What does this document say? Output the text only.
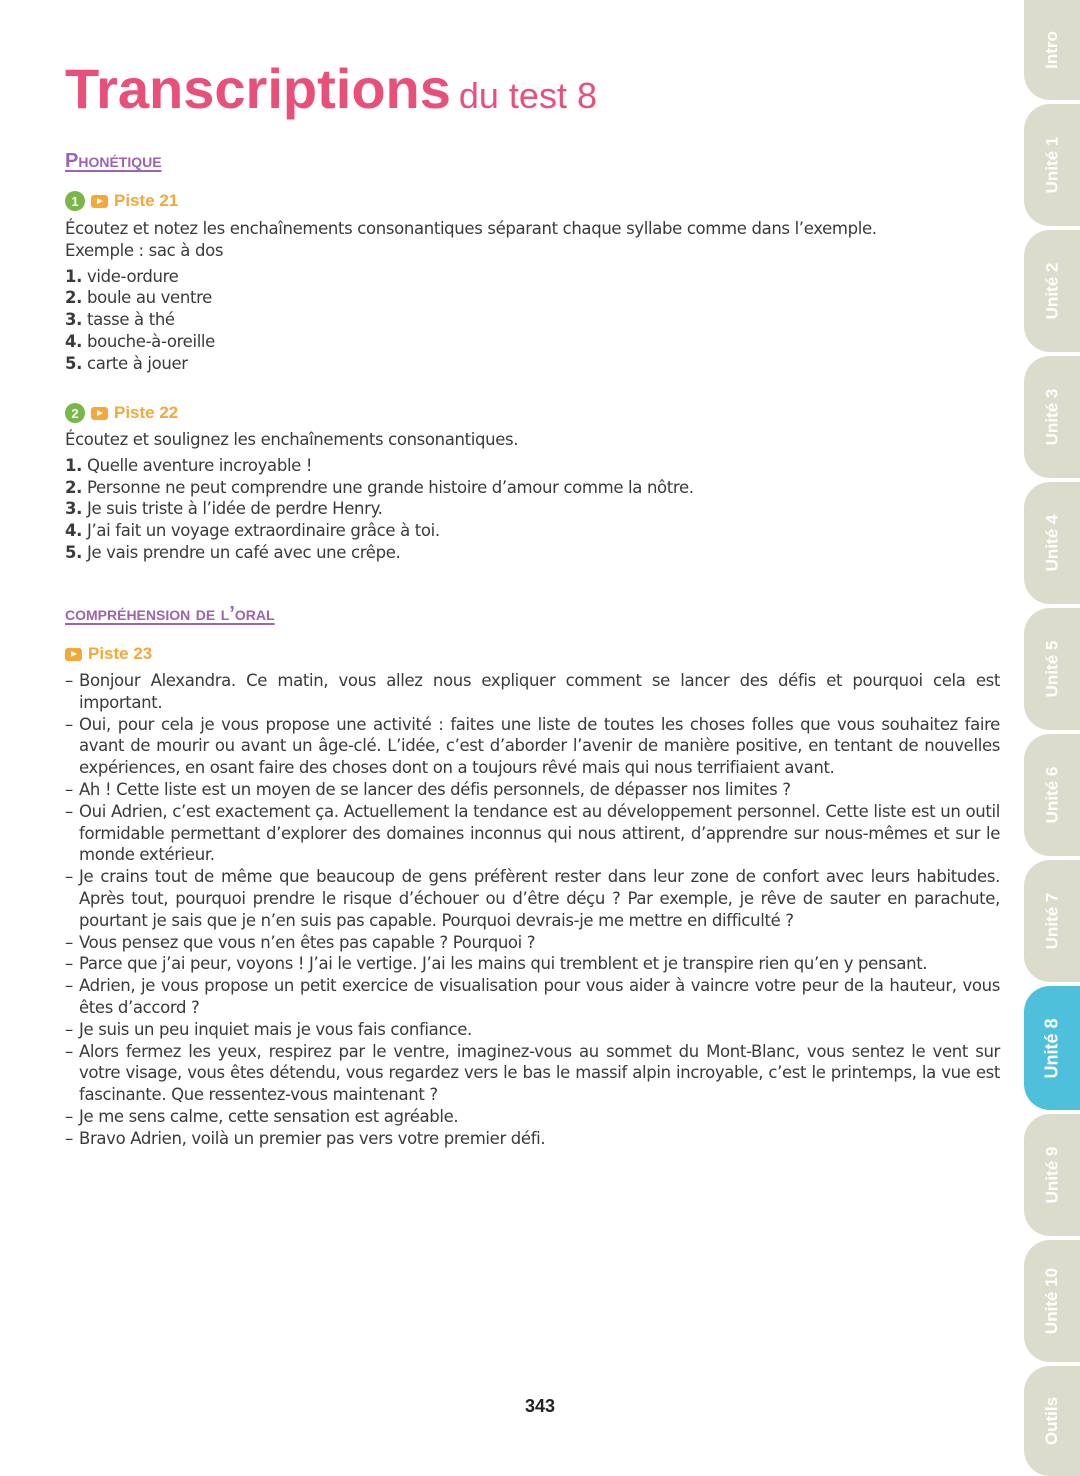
Transcriptions du test 8
Phonétique
1	Piste 21

Écoutez et notez les enchaînements consonantiques séparant chaque syllabe comme dans l’exemple.

Exemple : sac à dos

1. vide-ordure
2. boule au ventre
3. tasse à thé
4. bouche-à-oreille
5. carte à jouer
2	Piste 22

Écoutez et soulignez les enchaînements consonantiques.

1. Quelle aventure incroyable !
2. Personne ne peut comprendre une grande histoire d’amour comme la nôtre.
3. Je suis triste à l’idée de perdre Henry.
4. J’ai fait un voyage extraordinaire grâce à toi.
5. Je vais prendre un café avec une crêpe.
compréhension de l’oral
Piste 23
– Bonjour Alexandra. Ce matin, vous allez nous expliquer comment se lancer des défis et pourquoi cela est important.
– Oui, pour cela je vous propose une activité : faites une liste de toutes les choses folles que vous souhaitez faire avant de mourir ou avant un âge-clé. L’idée, c’est d’aborder l’avenir de manière positive, en tentant de nouvelles expériences, en osant faire des choses dont on a toujours rêvé mais qui nous terrifiaient avant.
– Ah ! Cette liste est un moyen de se lancer des défis personnels, de dépasser nos limites ?
– Oui Adrien, c’est exactement ça. Actuellement la tendance est au développement personnel. Cette liste est un outil formidable permettant d’explorer des domaines inconnus qui nous attirent, d’apprendre sur nous-mêmes et sur le monde extérieur.
– Je crains tout de même que beaucoup de gens préfèrent rester dans leur zone de confort avec leurs habitudes. Après tout, pourquoi prendre le risque d’échouer ou d’être déçu ? Par exemple, je rêve de sauter en parachute, pourtant je sais que je n’en suis pas capable. Pourquoi devrais-je me mettre en difficulté ?
– Vous pensez que vous n’en êtes pas capable ? Pourquoi ?
– Parce que j’ai peur, voyons ! J’ai le vertige. J’ai les mains qui tremblent et je transpire rien qu’en y pensant.
– Adrien, je vous propose un petit exercice de visualisation pour vous aider à vaincre votre peur de la hauteur, vous êtes d’accord ?
– Je suis un peu inquiet mais je vous fais confiance.
– Alors fermez les yeux, respirez par le ventre, imaginez-vous au sommet du Mont-Blanc, vous sentez le vent sur votre visage, vous êtes détendu, vous regardez vers le bas le massif alpin incroyable, c’est le printemps, la vue est fascinante. Que ressentez-vous maintenant ?
– Je me sens calme, cette sensation est agréable.
– Bravo Adrien, voilà un premier pas vers votre premier défi.
343
Intro
Unité 1
Unité 2
Unité 3
Unité 4
Unité 5
Unité 6
Unité 7
Unité 8
Unité 9
Unité 10
Outils
